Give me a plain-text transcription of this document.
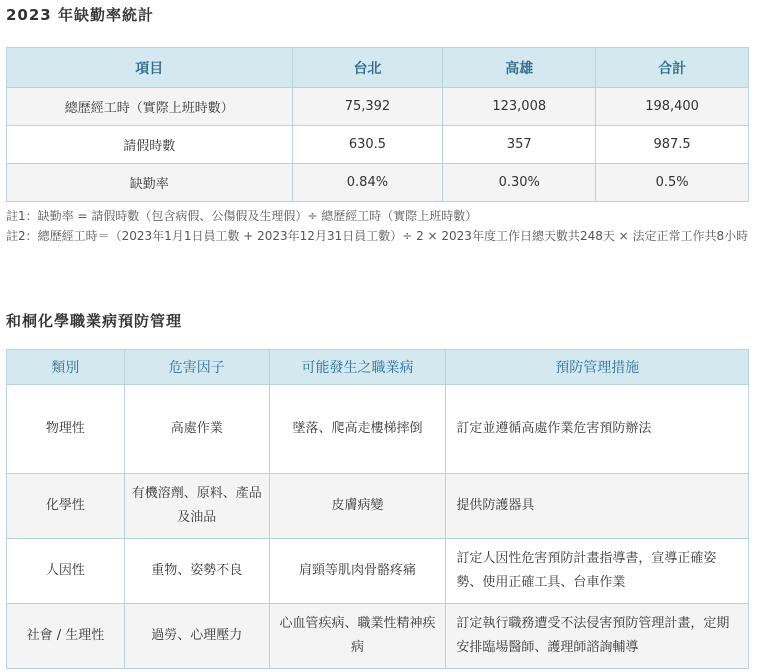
2023 年缺勤率統計
項目	台北	高雄	合計
總歷經工時（實際上班時數）	75,392	123,008	198,400
請假時數	630.5	357	987.5
缺勤率	0.84%	0.30%	0.5%
註1： 缺勤率 = 請假時數（包含病假、公傷假及生理假）÷ 總歷經工時（實際上班時數）
註2： 總歷經工時＝（2023年1月1日員工數 + 2023年12月31日員工數）÷ 2 × 2023年度工作日總天數共248天 × 法定正常工作共8小時
和桐化學職業病預防管理
類別	危害因子	可能發生之職業病	預防管理措施
物理性	高處作業	墜落、爬高走樓梯摔倒	訂定並遵循高處作業危害預防辦法
化學性	有機溶劑、原料、產品及油品	皮膚病變	提供防護器具
人因性	重物、姿勢不良	肩頸等肌肉骨骼疼痛	訂定人因性危害預防計畫指導書，宣導正確姿勢、使用正確工具、台車作業
社會 / 生理性	過勞、心理壓力	心血管疾病、職業性精神疾病	訂定執行職務遭受不法侵害預防管理計畫，定期安排臨場醫師、護理師諮詢輔導
